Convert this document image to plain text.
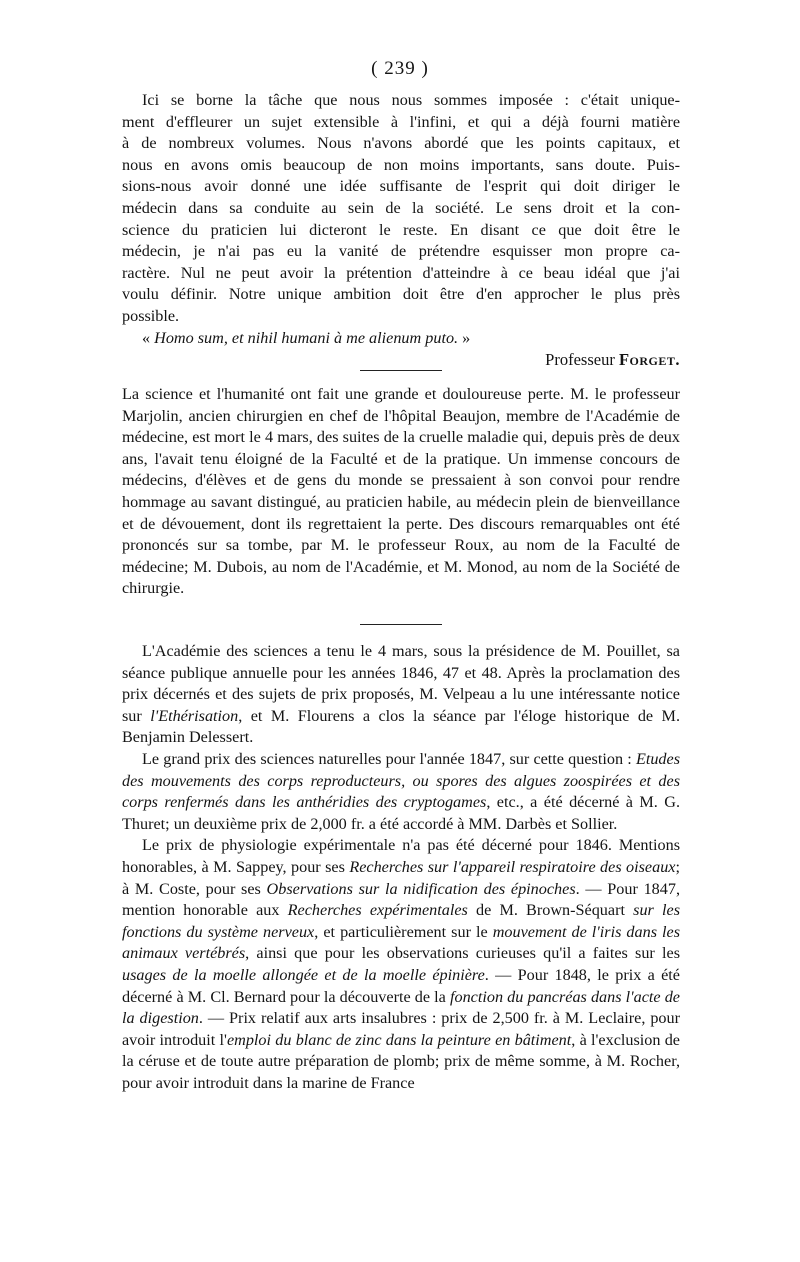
( 239 )
Ici se borne la tâche que nous nous sommes imposée : c'était unique-
ment d'effleurer un sujet extensible à l'infini, et qui a déjà fourni matière
à de nombreux volumes. Nous n'avons abordé que les points capitaux, et
nous en avons omis beaucoup de non moins importants, sans doute. Puis-
sions-nous avoir donné une idée suffisante de l'esprit qui doit diriger le
médecin dans sa conduite au sein de la société. Le sens droit et la con-
science du praticien lui dicteront le reste. En disant ce que doit être le
médecin, je n'ai pas eu la vanité de prétendre esquisser mon propre ca-
ractère. Nul ne peut avoir la prétention d'atteindre à ce beau idéal que j'ai
voulu définir. Notre unique ambition doit être d'en approcher le plus près
possible.

« Homo sum, et nihil humani à me alienum puto. »

Professeur Forget.

La science et l'humanité ont fait une grande et douloureuse perte. M. le professeur Marjolin, ancien chirurgien en chef de l'hôpital Beaujon, membre de l'Académie de médecine, est mort le 4 mars, des suites de la cruelle maladie qui, depuis près de deux ans, l'avait tenu éloigné de la Faculté et de la pratique. Un immense concours de médecins, d'élèves et de gens du monde se pressaient à son convoi pour rendre hommage au savant distingué, au praticien habile, au médecin plein de bienveillance et de dévouement, dont ils regrettaient la perte. Des discours remarquables ont été prononcés sur sa tombe, par M. le professeur Roux, au nom de la Faculté de médecine; M. Dubois, au nom de l'Académie, et M. Monod, au nom de la Société de chirurgie.

L'Académie des sciences a tenu le 4 mars, sous la présidence de M. Pouillet, sa séance publique annuelle pour les années 1846, 47 et 48. Après la proclamation des prix décernés et des sujets de prix proposés, M. Velpeau a lu une intéressante notice sur l'Ethérisation, et M. Flourens a clos la séance par l'éloge historique de M. Benjamin Delessert.

Le grand prix des sciences naturelles pour l'année 1847, sur cette question : Etudes des mouvements des corps reproducteurs, ou spores des algues zoospirées et des corps renfermés dans les anthéridies des cryptogames, etc., a été décerné à M. G. Thuret; un deuxième prix de 2,000 fr. a été accordé à MM. Darbès et Sollier.

Le prix de physiologie expérimentale n'a pas été décerné pour 1846. Mentions honorables, à M. Sappey, pour ses Recherches sur l'appareil respiratoire des oiseaux; à M. Coste, pour ses Observations sur la nidification des épinoches. — Pour 1847, mention honorable aux Recherches expérimentales de M. Brown-Séquart sur les fonctions du système nerveux, et particulièrement sur le mouvement de l'iris dans les animaux vertébrés, ainsi que pour les observations curieuses qu'il a faites sur les usages de la moelle allongée et de la moelle épinière. — Pour 1848, le prix a été décerné à M. Cl. Bernard pour la découverte de la fonction du pancréas dans l'acte de la digestion. — Prix relatif aux arts insalubres : prix de 2,500 fr. à M. Leclaire, pour avoir introduit l'emploi du blanc de zinc dans la peinture en bâtiment, à l'exclusion de la céruse et de toute autre préparation de plomb; prix de même somme, à M. Rocher, pour avoir introduit dans la marine de France
